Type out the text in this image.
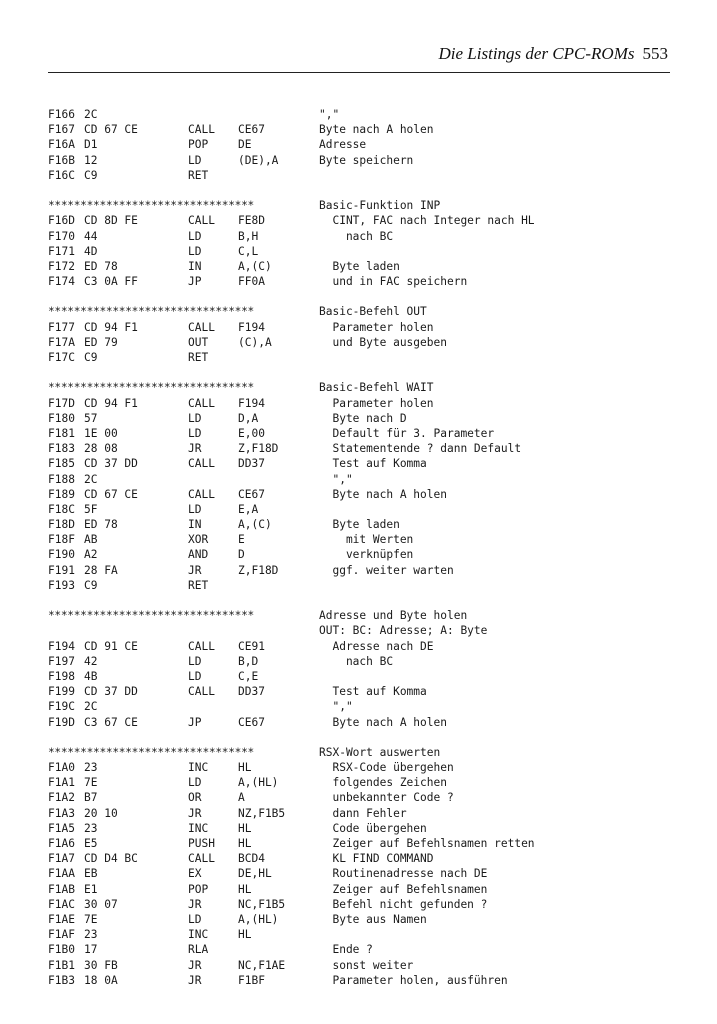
Die Listings der CPC-ROMs 553
F166 2C	","
F167 CD 67 CE	CALL CE67	Byte nach A holen
F16A D1	POP	DE	Adresse
F16B 12	LD	(DE),A	Byte speichern
F16C C9	RET
********************************	Basic-Funktion INP
F16D CD 8D FE	CALL FE8D	CINT, FAC nach Integer nach HL
F170 44	LD	B,H	nach BC
F171 4D	LD	C,L
F172 ED 78	IN	A,(C)	Byte laden
F174 C3 0A FF	JP	FF0A	und in FAC speichern
********************************	Basic-Befehl OUT
F177 CD 94 F1	CALL F194	Parameter holen
F17A ED 79	OUT	(C),A	und Byte ausgeben
F17C C9	RET
********************************	Basic-Befehl WAIT
F17D CD 94 F1	CALL F194	Parameter holen
F180 57	LD	D,A	Byte nach D
F181 1E 00	LD	E,00	Default für 3. Parameter
F183 28 08	JR	Z,F18D	Statementende ? dann Default
F185 CD 37 DD	CALL DD37	Test auf Komma
F188 2C	","
F189 CD 67 CE	CALL CE67	Byte nach A holen
F18C 5F	LD	E,A
F18D ED 78	IN	A,(C)	Byte laden
F18F AB	XOR	E	mit Werten
F190 A2	AND	D	verknüpfen
F191 28 FA	JR	Z,F18D	ggf. weiter warten
F193 C9	RET
********************************	Adresse und Byte holen
OUT: BC: Adresse; A: Byte
F194 CD 91 CE	CALL CE91	Adresse nach DE
F197 42	LD	B,D	nach BC
F198 4B	LD	C,E
F199 CD 37 DD	CALL DD37	Test auf Komma
F19C 2C	","
F19D C3 67 CE	JP	CE67	Byte nach A holen
********************************	RSX-Wort auswerten
F1A0 23	INC	HL	RSX-Code übergehen
F1A1 7E	LD	A,(HL)	folgendes Zeichen
F1A2 B7	OR	A	unbekannter Code ?
F1A3 20 10	JR	NZ,F1B5	dann Fehler
F1A5 23	INC	HL	Code übergehen
F1A6 E5	PUSH HL	Zeiger auf Befehlsnamen retten
F1A7 CD D4 BC	CALL BCD4	KL FIND COMMAND
F1AA EB	EX	DE,HL	Routinenadresse nach DE
F1AB E1	POP	HL	Zeiger auf Befehlsnamen
F1AC 30 07	JR	NC,F1B5	Befehl nicht gefunden ?
F1AE 7E	LD	A,(HL)	Byte aus Namen
F1AF 23	INC	HL
F1B0 17	RLA	Ende ?
F1B1 30 FB	JR	NC,F1AE	sonst weiter
F1B3 18 0A	JR	F1BF	Parameter holen, ausführen
